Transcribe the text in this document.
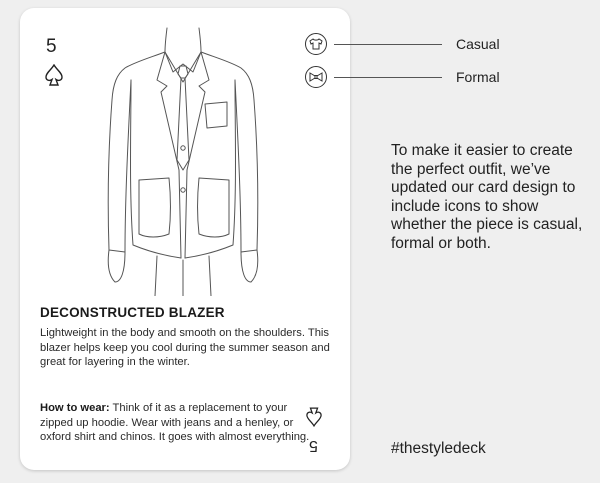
5
DECONSTRUCTED BLAZER

Lightweight in the body and smooth on the shoulders. This blazer helps keep you cool during the summer season and great for layering in the winter.

How to wear: Think of it as a replacement to your zipped up hoodie. Wear with jeans and a henley, or oxford shirt and chinos. It goes with almost everything. 5
Casual
Formal

To make it easier to create the perfect outfit, we’ve updated our card design to include icons to show whether the piece is casual, formal or both.

#thestyledeck
